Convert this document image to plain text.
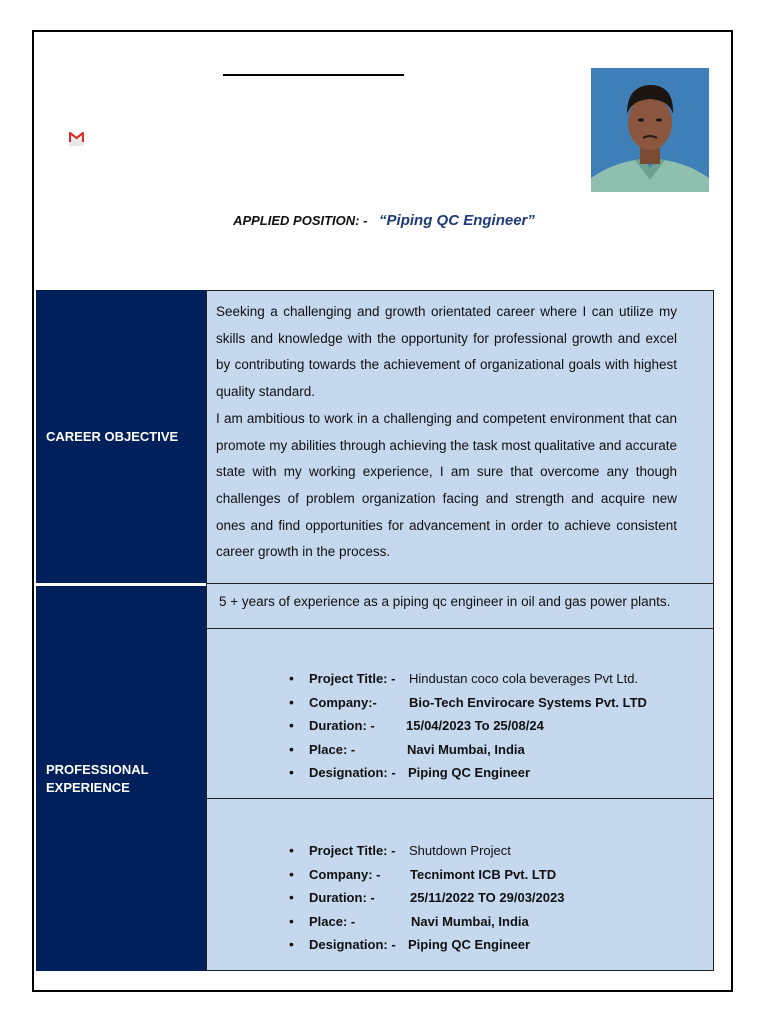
APPLIED POSITION: - “Piping QC Engineer”
CAREER OBJECTIVE

Seeking a challenging and growth orientated career where I can utilize my skills and knowledge with the opportunity for professional growth and excel by contributing towards the achievement of organizational goals with highest quality standard.

I am ambitious to work in a challenging and competent environment that can promote my abilities through achieving the task most qualitative and accurate state with my working experience, I am sure that overcome any though challenges of problem organization facing and strength and acquire new ones and find opportunities for advancement in order to achieve consistent career growth in the process.

PROFESSIONAL EXPERIENCE
5 + years of experience as a piping qc engineer in oil and gas power plants.
• Project Title: - Hindustan coco cola beverages Pvt Ltd.
• Company:- Bio-Tech Envirocare Systems Pvt. LTD
• Duration: - 15/04/2023 To 25/08/24
• Place: -	Navi Mumbai, India
• Designation: - Piping QC Engineer
• Project Title: - Shutdown Project
• Company: - Tecnimont ICB Pvt. LTD
• Duration: -	25/11/2022 TO 29/03/2023
• Place: -	Navi Mumbai, India
• Designation: - Piping QC Engineer
